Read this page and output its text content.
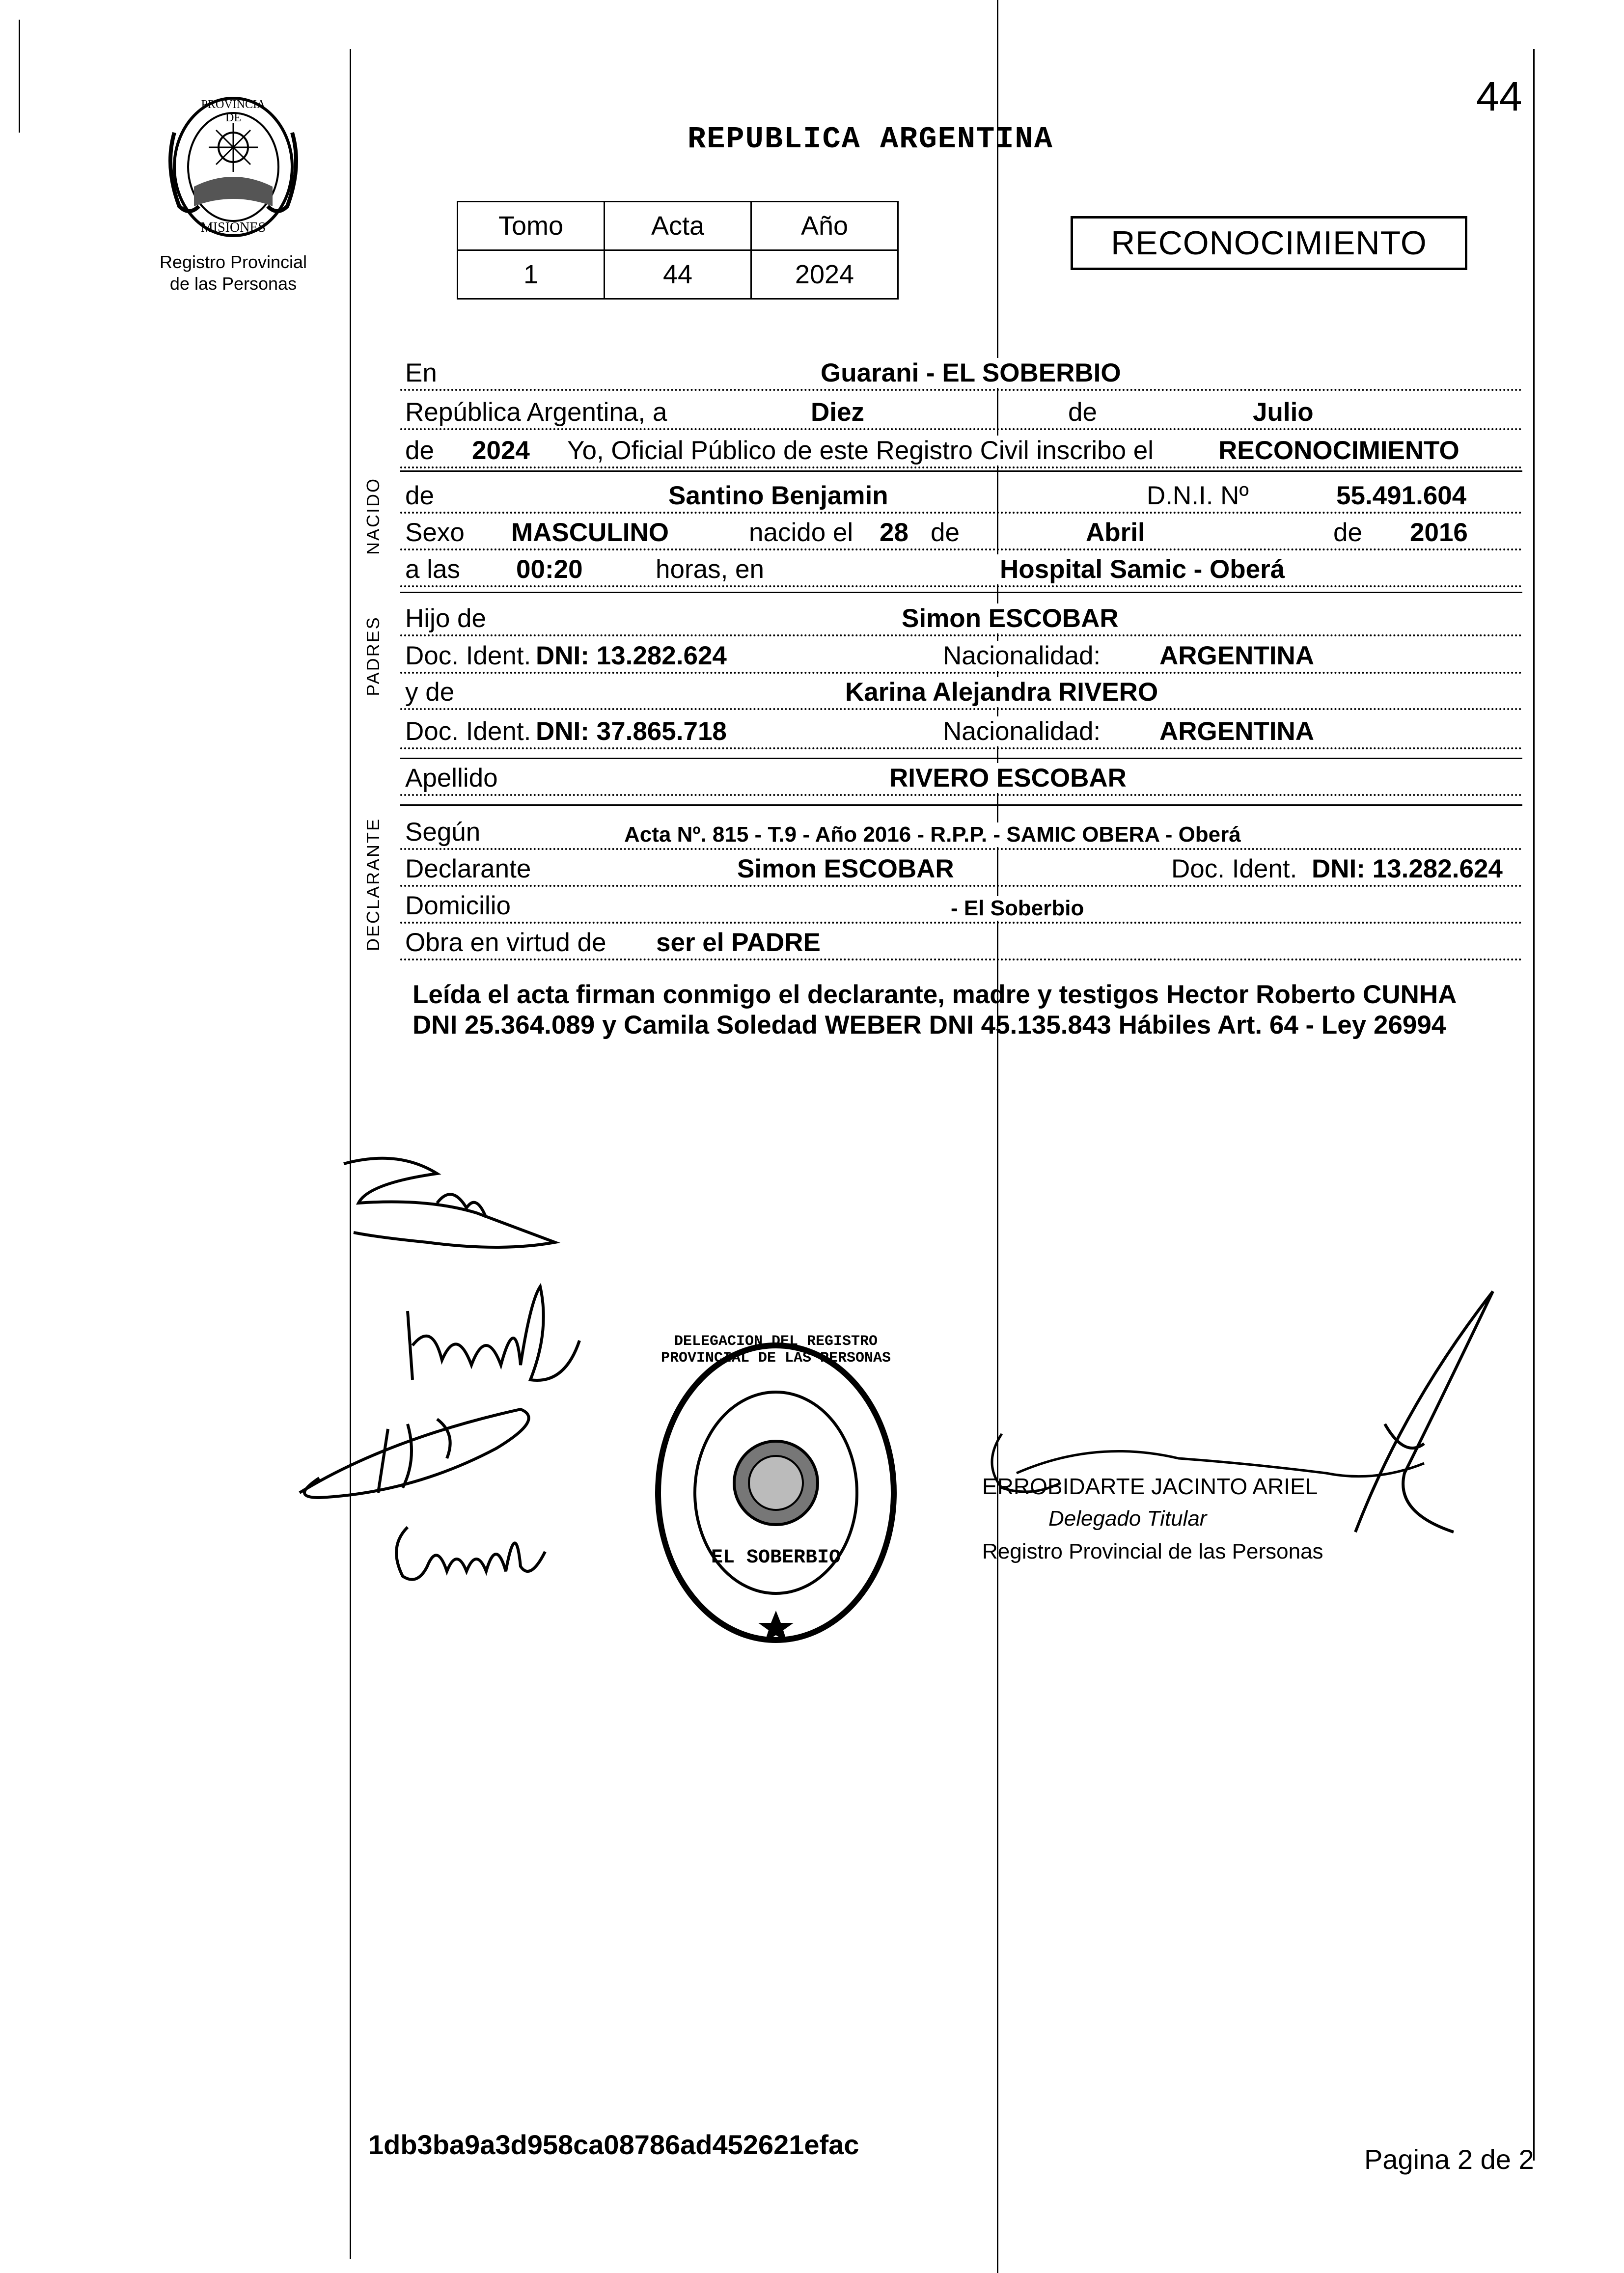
44
PROVINCIA DE
MISIONES
Registro Provincial
de las Personas
REPUBLICA ARGENTINA
Tomo	Acta	Año
1	44	2024
RECONOCIMIENTO
En	Guarani - EL SOBERBIO
República Argentina, a	Diez	de	Julio
de 2024 Yo, Oficial Público de este Registro Civil inscribo el RECONOCIMIENTO
NACIDO de	Santino Benjamin	D.N.I. Nº	55.491.604
Sexo MASCULINO	nacido el 28 de	Abril	de 2016
a las 00:20	horas, en	Hospital Samic - Oberá
PADRES Hijo de	Simon ESCOBAR
Doc. Ident. DNI: 13.282.624	Nacionalidad: ARGENTINA
y de	Karina Alejandra RIVERO
Doc. Ident. DNI: 37.865.718	Nacionalidad: ARGENTINA
Apellido	RIVERO ESCOBAR
DECLARANTE Según	Acta Nº. 815 - T.9 - Año 2016 - R.P.P. - SAMIC OBERA - Oberá
Declarante	Simon ESCOBAR	Doc. Ident. DNI: 13.282.624
Domicilio	- El Soberbio
Obra en virtud de ser el PADRE
Leída el acta firman conmigo el declarante, madre y testigos Hector Roberto CUNHA DNI 25.364.089 y Camila Soledad WEBER DNI 45.135.843 Hábiles Art. 64 - Ley 26994
DELEGACION DEL REGISTRO PROVINCIAL DE LAS PERSONAS
EL SOBERBIO
ERROBIDARTE JACINTO ARIEL
Delegado Titular
Registro Provincial de las Personas
1db3ba9a3d958ca08786ad452621efac	Pagina 2 de 2
